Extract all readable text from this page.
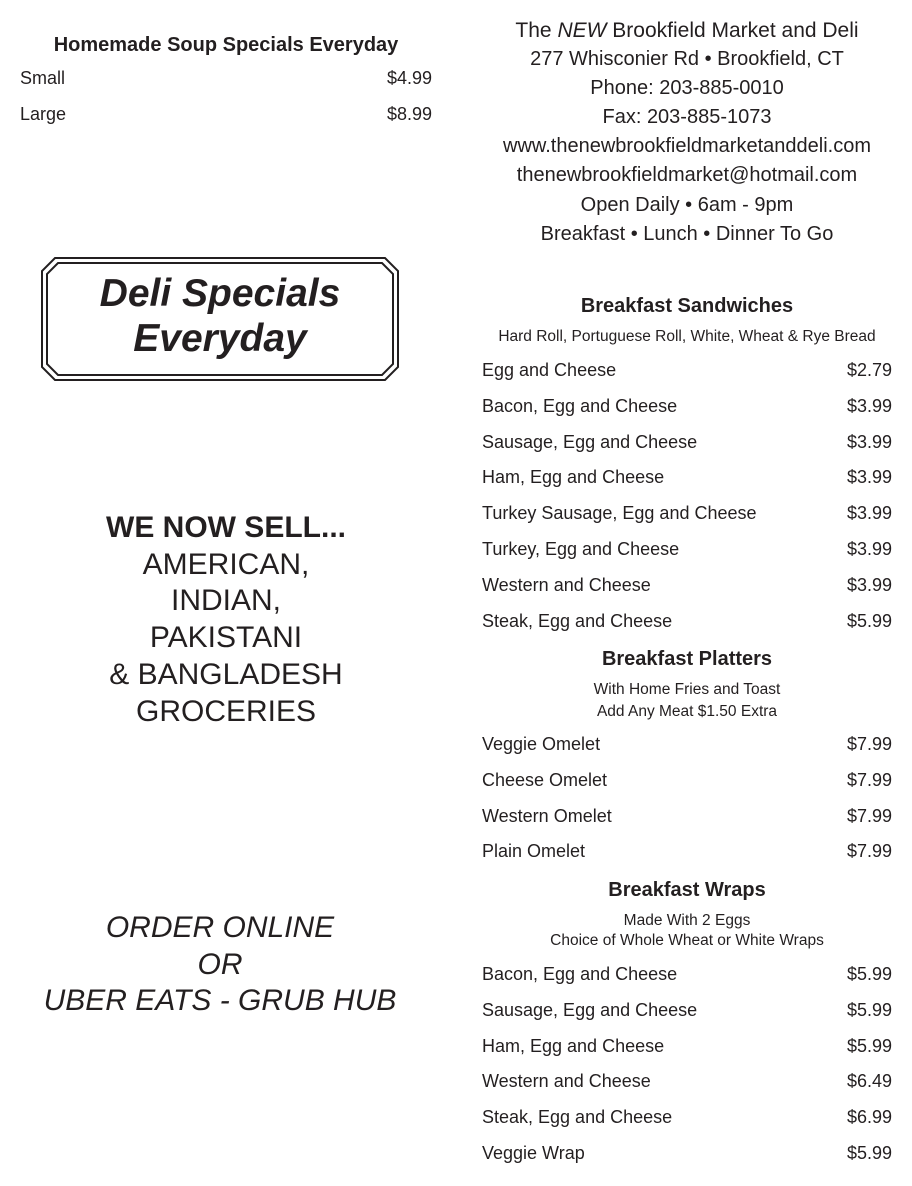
Homemade Soup Specials Everyday
Small	$4.99
Large	$8.99
Deli Specials
Everyday
WE NOW SELL...
AMERICAN,
INDIAN,
PAKISTANI
& BANGLADESH
GROCERIES
ORDER ONLINE
OR
UBER EATS - GRUB HUB
The NEW Brookfield Market and Deli
277 Whisconier Rd • Brookfield, CT
Phone: 203-885-0010
Fax: 203-885-1073
www.thenewbrookfieldmarketanddeli.com
thenewbrookfieldmarket@hotmail.com
Open Daily • 6am - 9pm
Breakfast • Lunch • Dinner To Go
Breakfast Sandwiches
Hard Roll, Portuguese Roll, White, Wheat & Rye Bread
Egg and Cheese	$2.79
Bacon, Egg and Cheese	$3.99
Sausage, Egg and Cheese	$3.99
Ham, Egg and Cheese	$3.99
Turkey Sausage, Egg and Cheese	$3.99
Turkey, Egg and Cheese	$3.99
Western and Cheese	$3.99
Steak, Egg and Cheese	$5.99
Breakfast Platters
With Home Fries and Toast
Add Any Meat $1.50 Extra
Veggie Omelet	$7.99
Cheese Omelet	$7.99
Western Omelet	$7.99
Plain Omelet	$7.99
Breakfast Wraps
Made With 2 Eggs
Choice of Whole Wheat or White Wraps
Bacon, Egg and Cheese	$5.99
Sausage, Egg and Cheese	$5.99
Ham, Egg and Cheese	$5.99
Western and Cheese	$6.49
Steak, Egg and Cheese	$6.99
Veggie Wrap	$5.99
